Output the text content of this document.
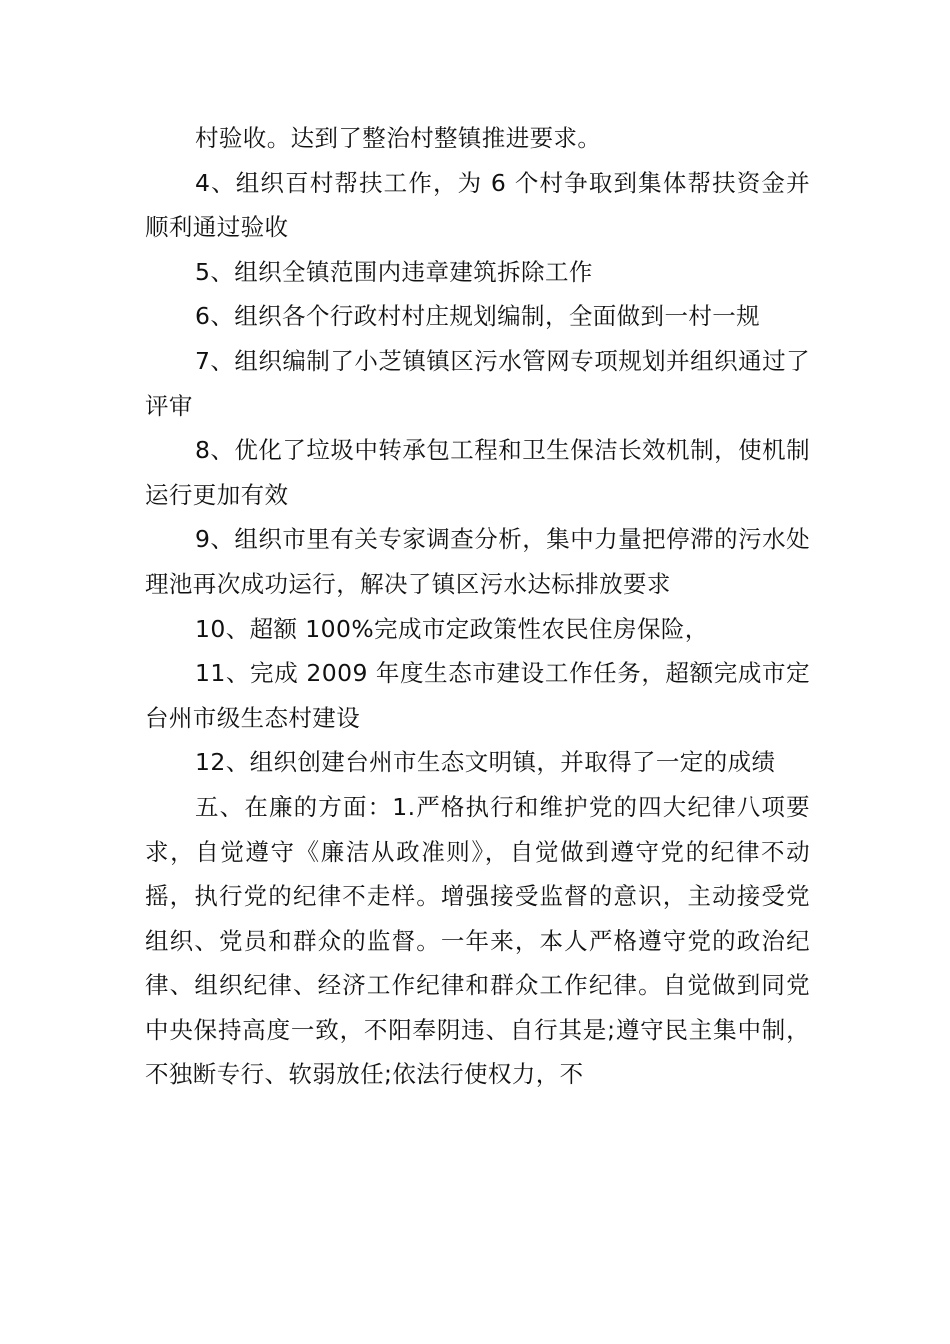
村验收。达到了整治村整镇推进要求。

4、组织百村帮扶工作，为 6 个村争取到集体帮扶资金并顺利通过验收

5、组织全镇范围内违章建筑拆除工作

6、组织各个行政村村庄规划编制，全面做到一村一规

7、组织编制了小芝镇镇区污水管网专项规划并组织通过了评审

8、优化了垃圾中转承包工程和卫生保洁长效机制，使机制运行更加有效

9、组织市里有关专家调查分析，集中力量把停滞的污水处理池再次成功运行，解决了镇区污水达标排放要求

10、超额 100%完成市定政策性农民住房保险，

11、完成 2009 年度生态市建设工作任务，超额完成市定台州市级生态村建设

12、组织创建台州市生态文明镇，并取得了一定的成绩

五、在廉的方面：1.严格执行和维护党的四大纪律八项要求，自觉遵守《廉洁从政准则》，自觉做到遵守党的纪律不动摇，执行党的纪律不走样。增强接受监督的意识，主动接受党组织、党员和群众的监督。一年来，本人严格遵守党的政治纪律、组织纪律、经济工作纪律和群众工作纪律。自觉做到同党中央保持高度一致，不阳奉阴违、自行其是;遵守民主集中制，不独断专行、软弱放任;依法行使权力，不
